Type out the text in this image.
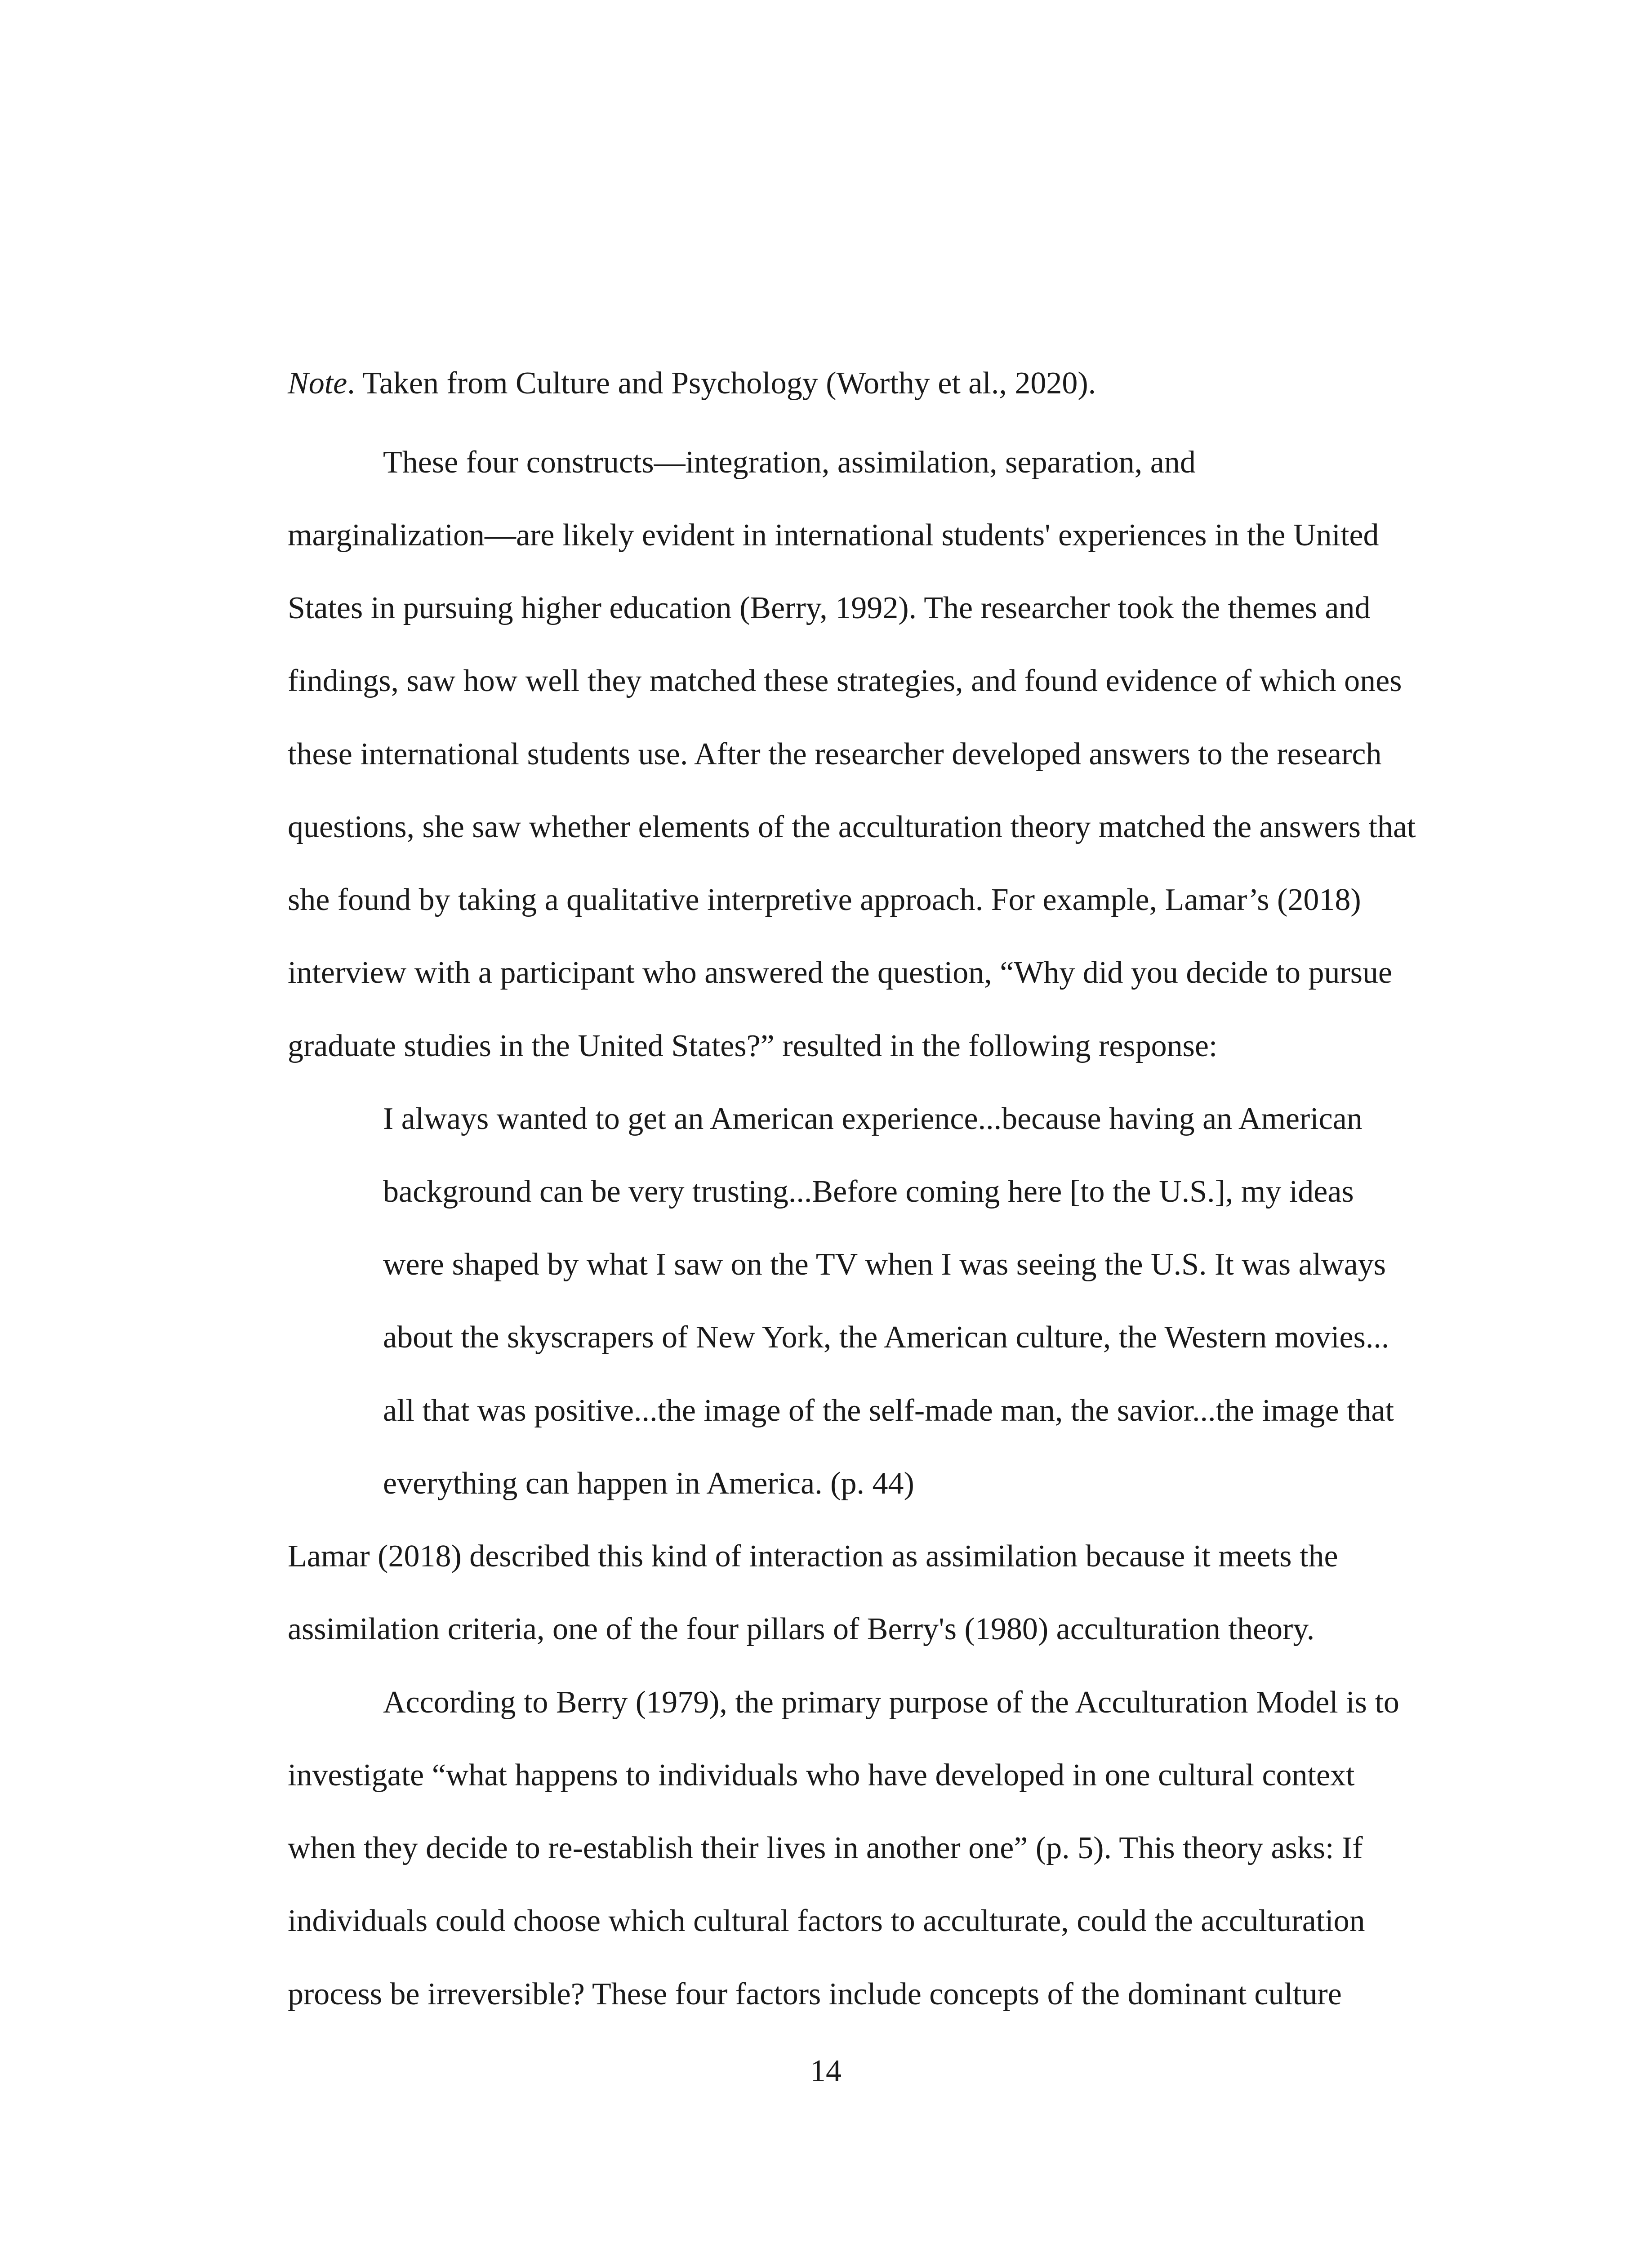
Note. Taken from Culture and Psychology (Worthy et al., 2020).
These four constructs—integration, assimilation, separation, and
marginalization—are likely evident in international students' experiences in the United
States in pursuing higher education (Berry, 1992). The researcher took the themes and
findings, saw how well they matched these strategies, and found evidence of which ones
these international students use. After the researcher developed answers to the research
questions, she saw whether elements of the acculturation theory matched the answers that
she found by taking a qualitative interpretive approach. For example, Lamar’s (2018)
interview with a participant who answered the question, “Why did you decide to pursue
graduate studies in the United States?” resulted in the following response:
I always wanted to get an American experience...because having an American
background can be very trusting...Before coming here [to the U.S.], my ideas
were shaped by what I saw on the TV when I was seeing the U.S. It was always
about the skyscrapers of New York, the American culture, the Western movies...
all that was positive...the image of the self-made man, the savior...the image that
everything can happen in America. (p. 44)
Lamar (2018) described this kind of interaction as assimilation because it meets the
assimilation criteria, one of the four pillars of Berry's (1980) acculturation theory.
According to Berry (1979), the primary purpose of the Acculturation Model is to
investigate “what happens to individuals who have developed in one cultural context
when they decide to re-establish their lives in another one” (p. 5). This theory asks: If
individuals could choose which cultural factors to acculturate, could the acculturation
process be irreversible? These four factors include concepts of the dominant culture
14
